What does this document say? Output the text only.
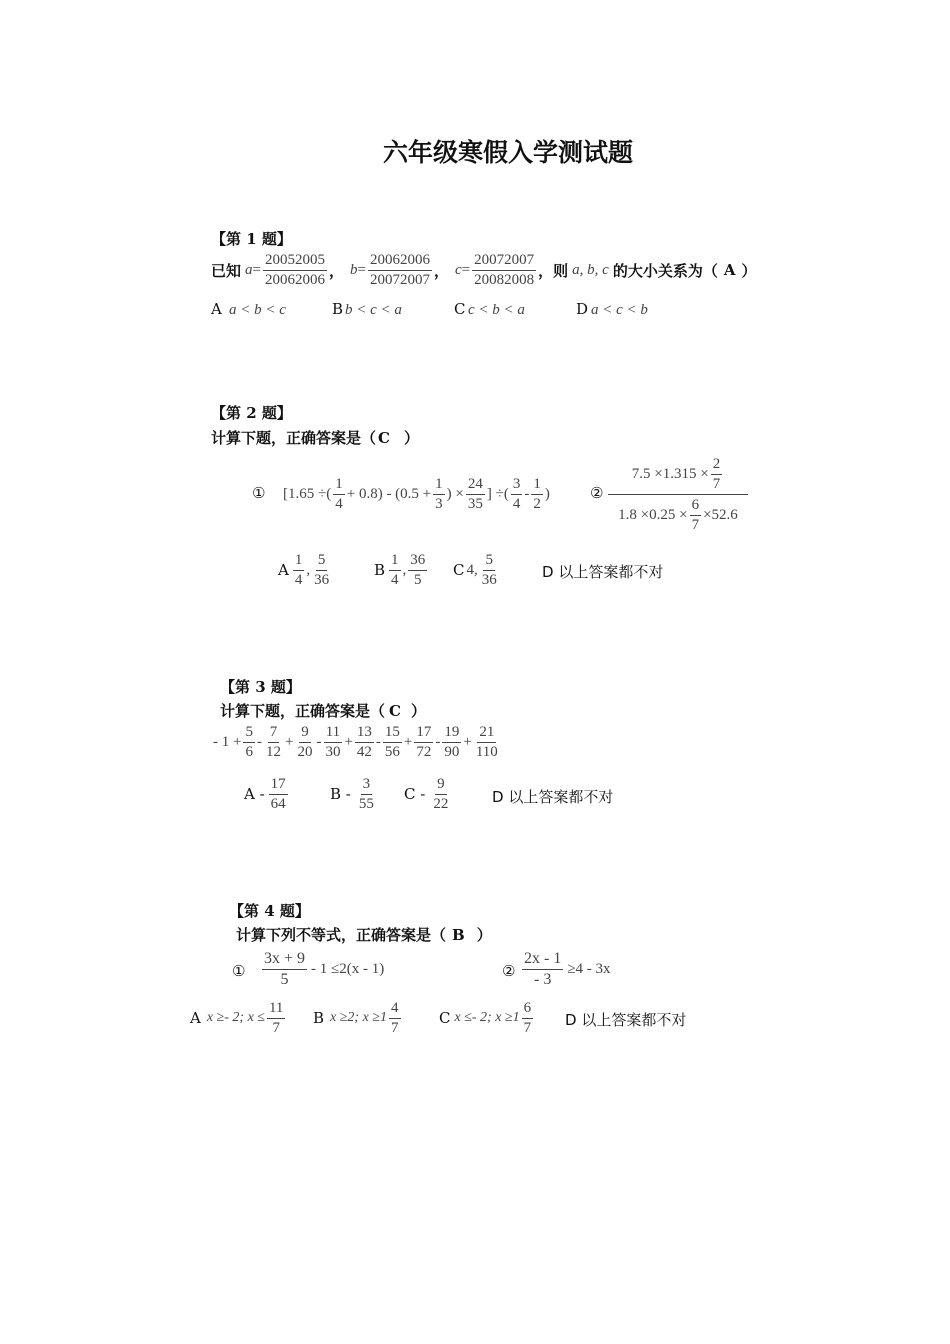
六年级寒假入学测试题
【第 1 题】
已知 $a = \frac{20052005}{20062006}$ ， $b = \frac{20062006}{20072007}$ ， $c = \frac{20072007}{20082008}$ ，则 a, b, c 的大小关系为（ A ）
A a < b < c	B b < c < a	C c < b < a	D a < c < b
【第 2 题】
计算下题，正确答案是（ C ）
① [1.65 ÷( $\frac{1}{4} + 0.8) - (0.5 + \frac{1}{3}$ ) × $\frac{24}{35}$ ] ÷( $\frac{3}{4} - \frac{1}{2}$ )	②
$7.5 \times 1.315 \times \frac{2}{7}$
$1.8 \times 0.25 \times \frac{6}{7} \times 52.6$
A $\frac{1}{4}$ , $\frac{5}{36}$	B $\frac{1}{4}$ , $\frac{36}{5}$ C 4, $\frac{5}{36}$	D 以上答案都不对
【第 3 题】
计算下题，正确答案是（ C ）
- $1 + \frac{5}{6} - \frac{7}{12} + \frac{9}{20} - \frac{11}{30} + \frac{13}{42} - \frac{15}{56} + \frac{17}{72} - \frac{19}{90} + \frac{21}{110}$
A - $\frac{17}{64}$	B - $\frac{3}{55}$ C - $\frac{9}{22}$	D 以上答案都不对
【第 4 题】
计算下列不等式，正确答案是（ B ）
① $\frac{3x + 9}{5} - 1 \le 2(x - 1)$	② $\frac{2x - 1}{- 3} \ge 4 - 3x$
A x ≥- 2; $x \le \frac{11}{7}$ B x ≥2; $x \ge 1 \frac{4}{7}$	C x ≤- 2; $x \ge 1 \frac{6}{7}$ D 以上答案都不对
